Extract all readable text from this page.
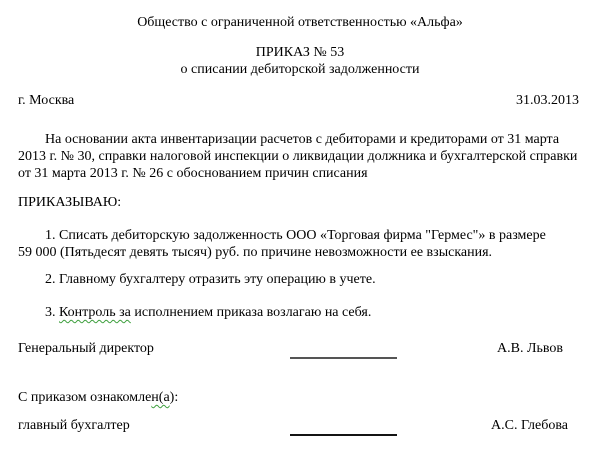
Общество с ограниченной ответственностью «Альфа»
ПРИКАЗ № 53
о списании дебиторской задолженности
г. Москва	31.03.2013

На основании акта инвентаризации расчетов с дебиторами и кредиторами от 31 марта 2013 г. № 30, справки налоговой инспекции о ликвидации должника и бухгалтерской справки от 31 марта 2013 г. № 26 с обоснованием причин списания

ПРИКАЗЫВАЮ:

1. Списать дебиторскую задолженность ООО «Торговая фирма "Гермес"» в размере 59 000 (Пятьдесят девять тысяч) руб. по причине невозможности ее взыскания.

2. Главному бухгалтеру отразить эту операцию в учете.

3. Контроль за исполнением приказа возлагаю на себя.

Генеральный директор	А.В. Львов

С приказом ознакомлен(а):

главный бухгалтер	А.С. Глебова
